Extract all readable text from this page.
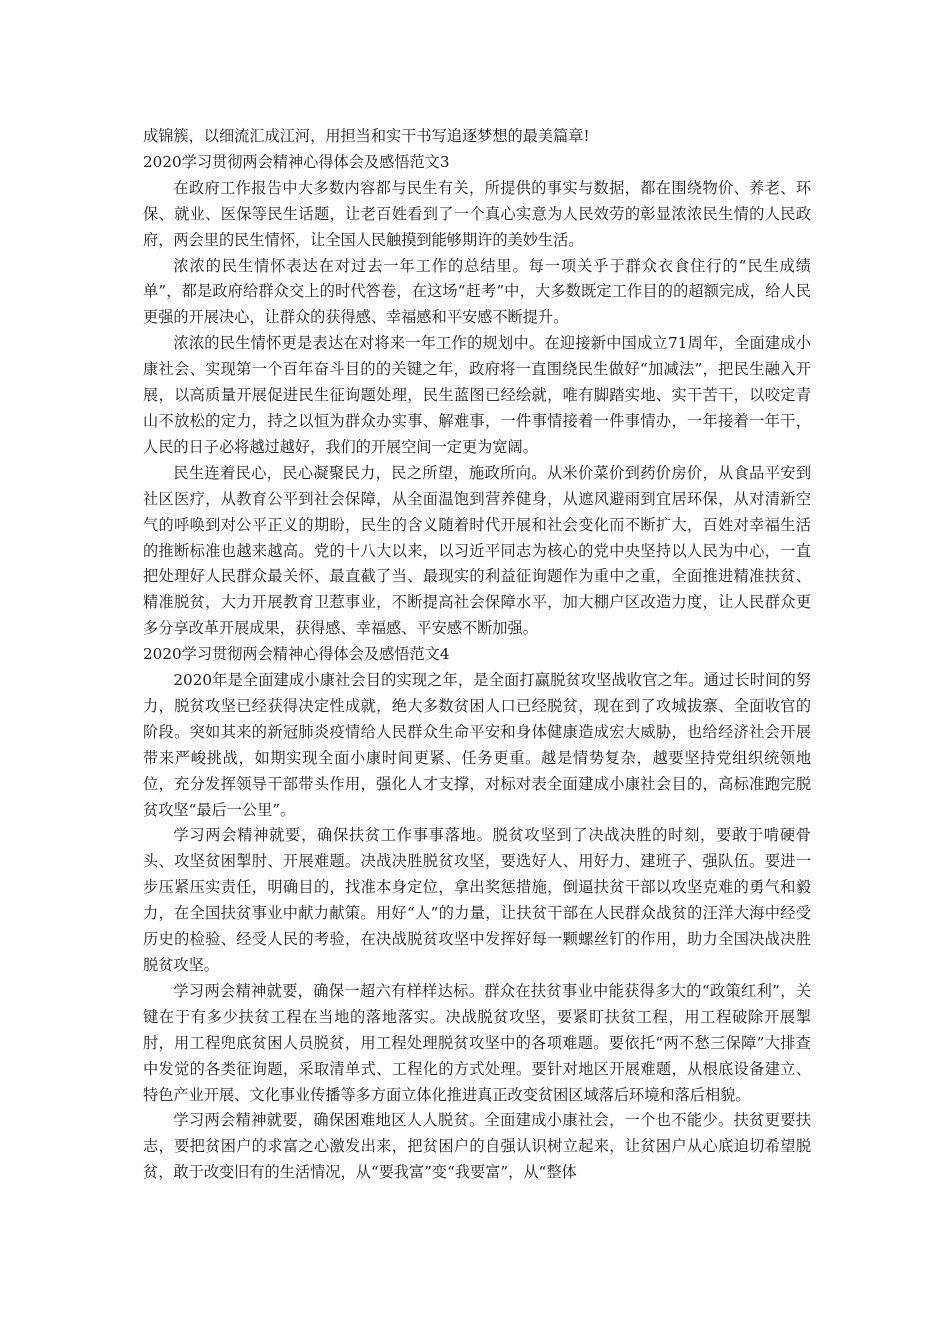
成锦簇，以细流汇成江河，用担当和实干书写追逐梦想的最美篇章!

2020学习贯彻两会精神心得体会及感悟范文3

在政府工作报告中大多数内容都与民生有关，所提供的事实与数据，都在围绕物价、养老、环保、就业、医保等民生话题，让老百姓看到了一个真心实意为人民效劳的彰显浓浓民生情的人民政府，两会里的民生情怀，让全国人民触摸到能够期许的美妙生活。

浓浓的民生情怀表达在对过去一年工作的总结里。每一项关乎于群众衣食住行的“民生成绩单”，都是政府给群众交上的时代答卷，在这场“赶考”中，大多数既定工作目的的超额完成，给人民更强的开展决心，让群众的获得感、幸福感和平安感不断提升。

浓浓的民生情怀更是表达在对将来一年工作的规划中。在迎接新中国成立71周年，全面建成小康社会、实现第一个百年奋斗目的的关键之年，政府将一直围绕民生做好“加减法”，把民生融入开展，以高质量开展促进民生征询题处理，民生蓝图已经绘就，唯有脚踏实地、实干苦干，以咬定青山不放松的定力，持之以恒为群众办实事、解难事，一件事情接着一件事情办，一年接着一年干，人民的日子必将越过越好，我们的开展空间一定更为宽阔。

民生连着民心，民心凝聚民力，民之所望，施政所向。从米价菜价到药价房价，从食品平安到社区医疗，从教育公平到社会保障，从全面温饱到营养健身，从遮风避雨到宜居环保，从对清新空气的呼唤到对公平正义的期盼，民生的含义随着时代开展和社会变化而不断扩大，百姓对幸福生活的推断标准也越来越高。党的十八大以来，以习近平同志为核心的党中央坚持以人民为中心，一直把处理好人民群众最关怀、最直截了当、最现实的利益征询题作为重中之重，全面推进精准扶贫、精准脱贫，大力开展教育卫惹事业，不断提高社会保障水平，加大棚户区改造力度，让人民群众更多分享改革开展成果，获得感、幸福感、平安感不断加强。

2020学习贯彻两会精神心得体会及感悟范文4

2020年是全面建成小康社会目的实现之年，是全面打赢脱贫攻坚战收官之年。通过长时间的努力，脱贫攻坚已经获得决定性成就，绝大多数贫困人口已经脱贫，现在到了攻城拔寨、全面收官的阶段。突如其来的新冠肺炎疫情给人民群众生命平安和身体健康造成宏大威胁，也给经济社会开展带来严峻挑战，如期实现全面小康时间更紧、任务更重。越是情势复杂，越要坚持党组织统领地位，充分发挥领导干部带头作用，强化人才支撑，对标对表全面建成小康社会目的，高标准跑完脱贫攻坚“最后一公里”。

学习两会精神就要，确保扶贫工作事事落地。脱贫攻坚到了决战决胜的时刻，要敢于啃硬骨头、攻坚贫困掣肘、开展难题。决战决胜脱贫攻坚，要选好人、用好力、建班子、强队伍。要进一步压紧压实责任，明确目的，找准本身定位，拿出奖惩措施，倒逼扶贫干部以攻坚克难的勇气和毅力，在全国扶贫事业中献力献策。用好“人”的力量，让扶贫干部在人民群众战贫的汪洋大海中经受历史的检验、经受人民的考验，在决战脱贫攻坚中发挥好每一颗螺丝钉的作用，助力全国决战决胜脱贫攻坚。

学习两会精神就要，确保一超六有样样达标。群众在扶贫事业中能获得多大的“政策红利”，关键在于有多少扶贫工程在当地的落地落实。决战脱贫攻坚，要紧盯扶贫工程，用工程破除开展掣肘，用工程兜底贫困人员脱贫，用工程处理脱贫攻坚中的各项难题。要依托“两不愁三保障”大排查中发觉的各类征询题，采取清单式、工程化的方式处理。要针对地区开展难题，从根底设备建立、特色产业开展、文化事业传播等多方面立体化推进真正改变贫困区域落后环境和落后相貌。

学习两会精神就要，确保困难地区人人脱贫。全面建成小康社会，一个也不能少。扶贫更要扶志，要把贫困户的求富之心激发出来，把贫困户的自强认识树立起来，让贫困户从心底迫切希望脱贫，敢于改变旧有的生活情况，从“要我富”变“我要富”，从“整体
